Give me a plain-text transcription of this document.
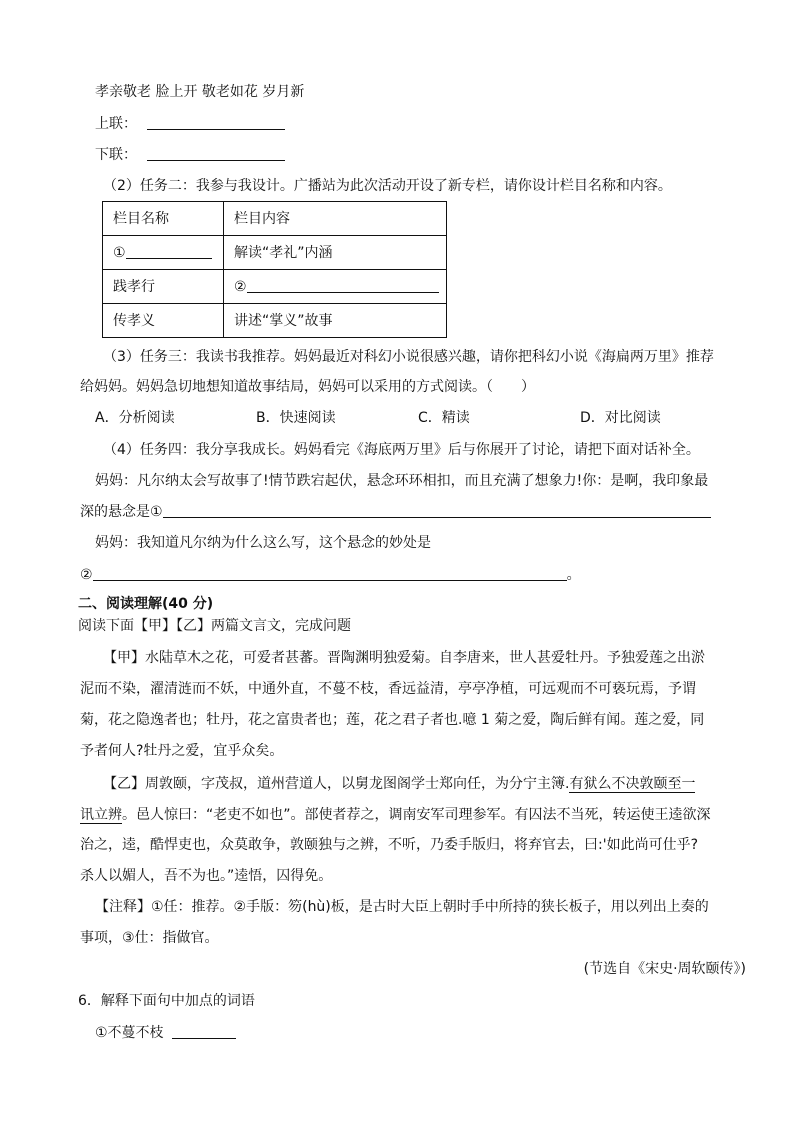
孝亲敬老 脸上开 敬老如花 岁月新
上联：
下联：
（2）任务二：我参与我设计。广播站为此次活动开设了新专栏，请你设计栏目名称和内容。
栏目名称	栏目内容
①	解读“孝礼”内涵
践孝行	②
传孝义	讲述“掌义”故事
（3）任务三：我读书我推荐。妈妈最近对科幻小说很感兴趣，请你把科幻小说《海扁两万里》推荐
给妈妈。妈妈急切地想知道故事结局，妈妈可以采用的方式阅读。（　　）
A．分析阅读	B．快速阅读	C．精读	D．对比阅读
（4）任务四：我分享我成长。妈妈看完《海底两万里》后与你展开了讨论，请把下面对话补全。
妈妈：凡尔纳太会写故事了!情节跌宕起伏，悬念环环相扣，而且充满了想象力!你：是啊，我印象最
深的悬念是①
妈妈：我知道凡尔纳为什么这么写，这个悬念的妙处是
②	。
二、阅读理解(40 分)
阅读下面【甲】【乙】两篇文言文，完成问题
【甲】水陆草木之花，可爱者甚蕃。晋陶渊明独爱菊。自李唐来，世人甚爱牡丹。予独爱莲之出淤
泥而不染，濯清涟而不妖，中通外直，不蔓不枝，香远益清，亭亭净植，可远观而不可亵玩焉，予谓
菊，花之隐逸者也；牡丹，花之富贵者也；莲，花之君子者也.噫 1 菊之爱，陶后鲜有闻。莲之爱，同
予者何人?牡丹之爱，宜乎众矣。
【乙】周敦颐，字茂叔，道州营道人，以舅龙图阁学士郑向任，为分宁主簿.有狱么不决敦颐至一
讯立辨。邑人惊曰：“老吏不如也”。部使者荐之，调南安军司理参军。有囚法不当死，转运使王逵欲深
治之，逵，酷悍吏也，众莫敢争，敦颐独与之辨，不听，乃委手版归，将弃官去，曰:'如此尚可仕乎?
杀人以媚人，吾不为也。”逵悟，囚得免。
【注释】①任：推荐。②手版：笏(hù)板，是古时大臣上朝时手中所持的狭长板子，用以列出上奏的
事项，③仕：指做官。
(节选自《宋史·周软颐传》)
6．解释下面句中加点的词语
①不蔓不枝
